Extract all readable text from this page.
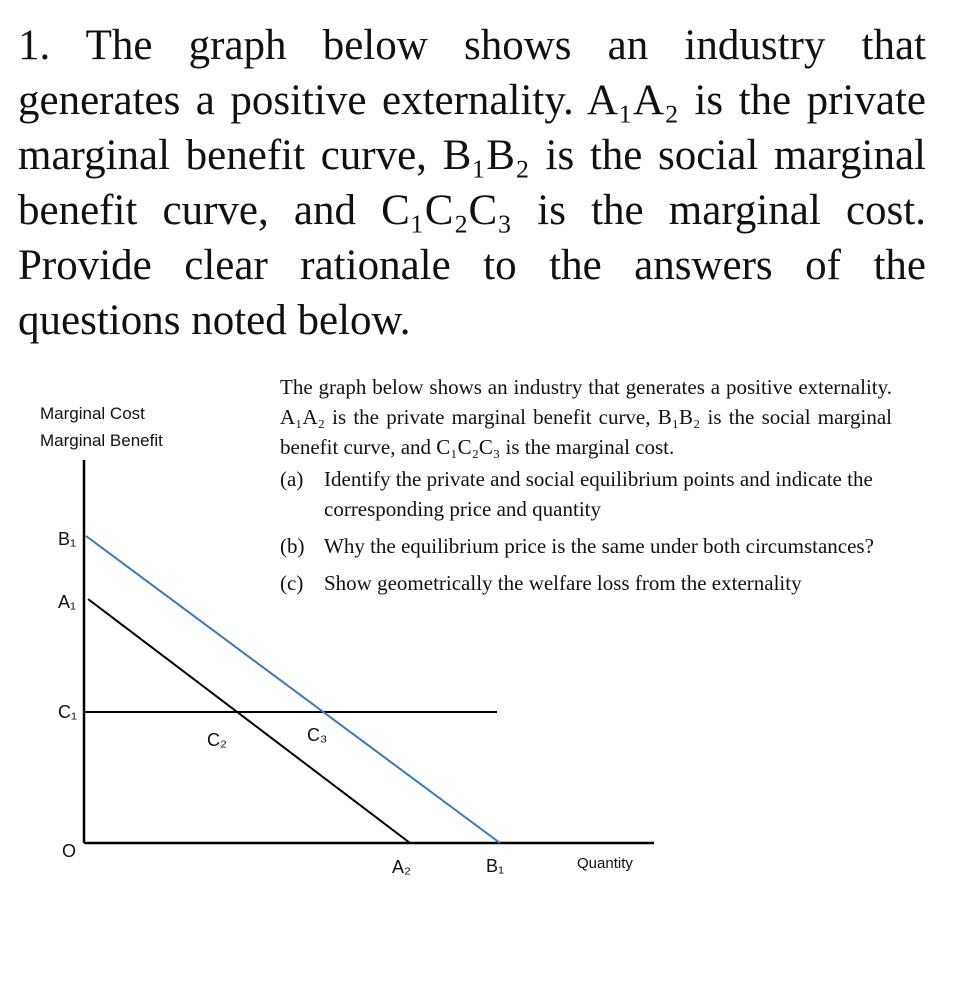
1. The graph below shows an industry that
generates a positive externality. A₁A₂ is the private
marginal benefit curve, B₁B₂ is the social marginal
benefit curve, and C₁C₂C₃ is the marginal cost.
Provide clear rationale to the answers of the
questions noted below.
Marginal Cost
Marginal Benefit

The graph below shows an industry that generates a positive externality. A₁A₂ is the private marginal benefit curve, B₁B₂ is the social marginal benefit curve, and C₁C₂C₃ is the marginal cost.

(a) Identify the private and social equilibrium points and indicate the corresponding price and quantity
(b) Why the equilibrium price is the same under both circumstances?
(c) Show geometrically the welfare loss from the externality
B₁
A₁
C₁
O
C₂	C₃
A₂	B₁	Quantity
